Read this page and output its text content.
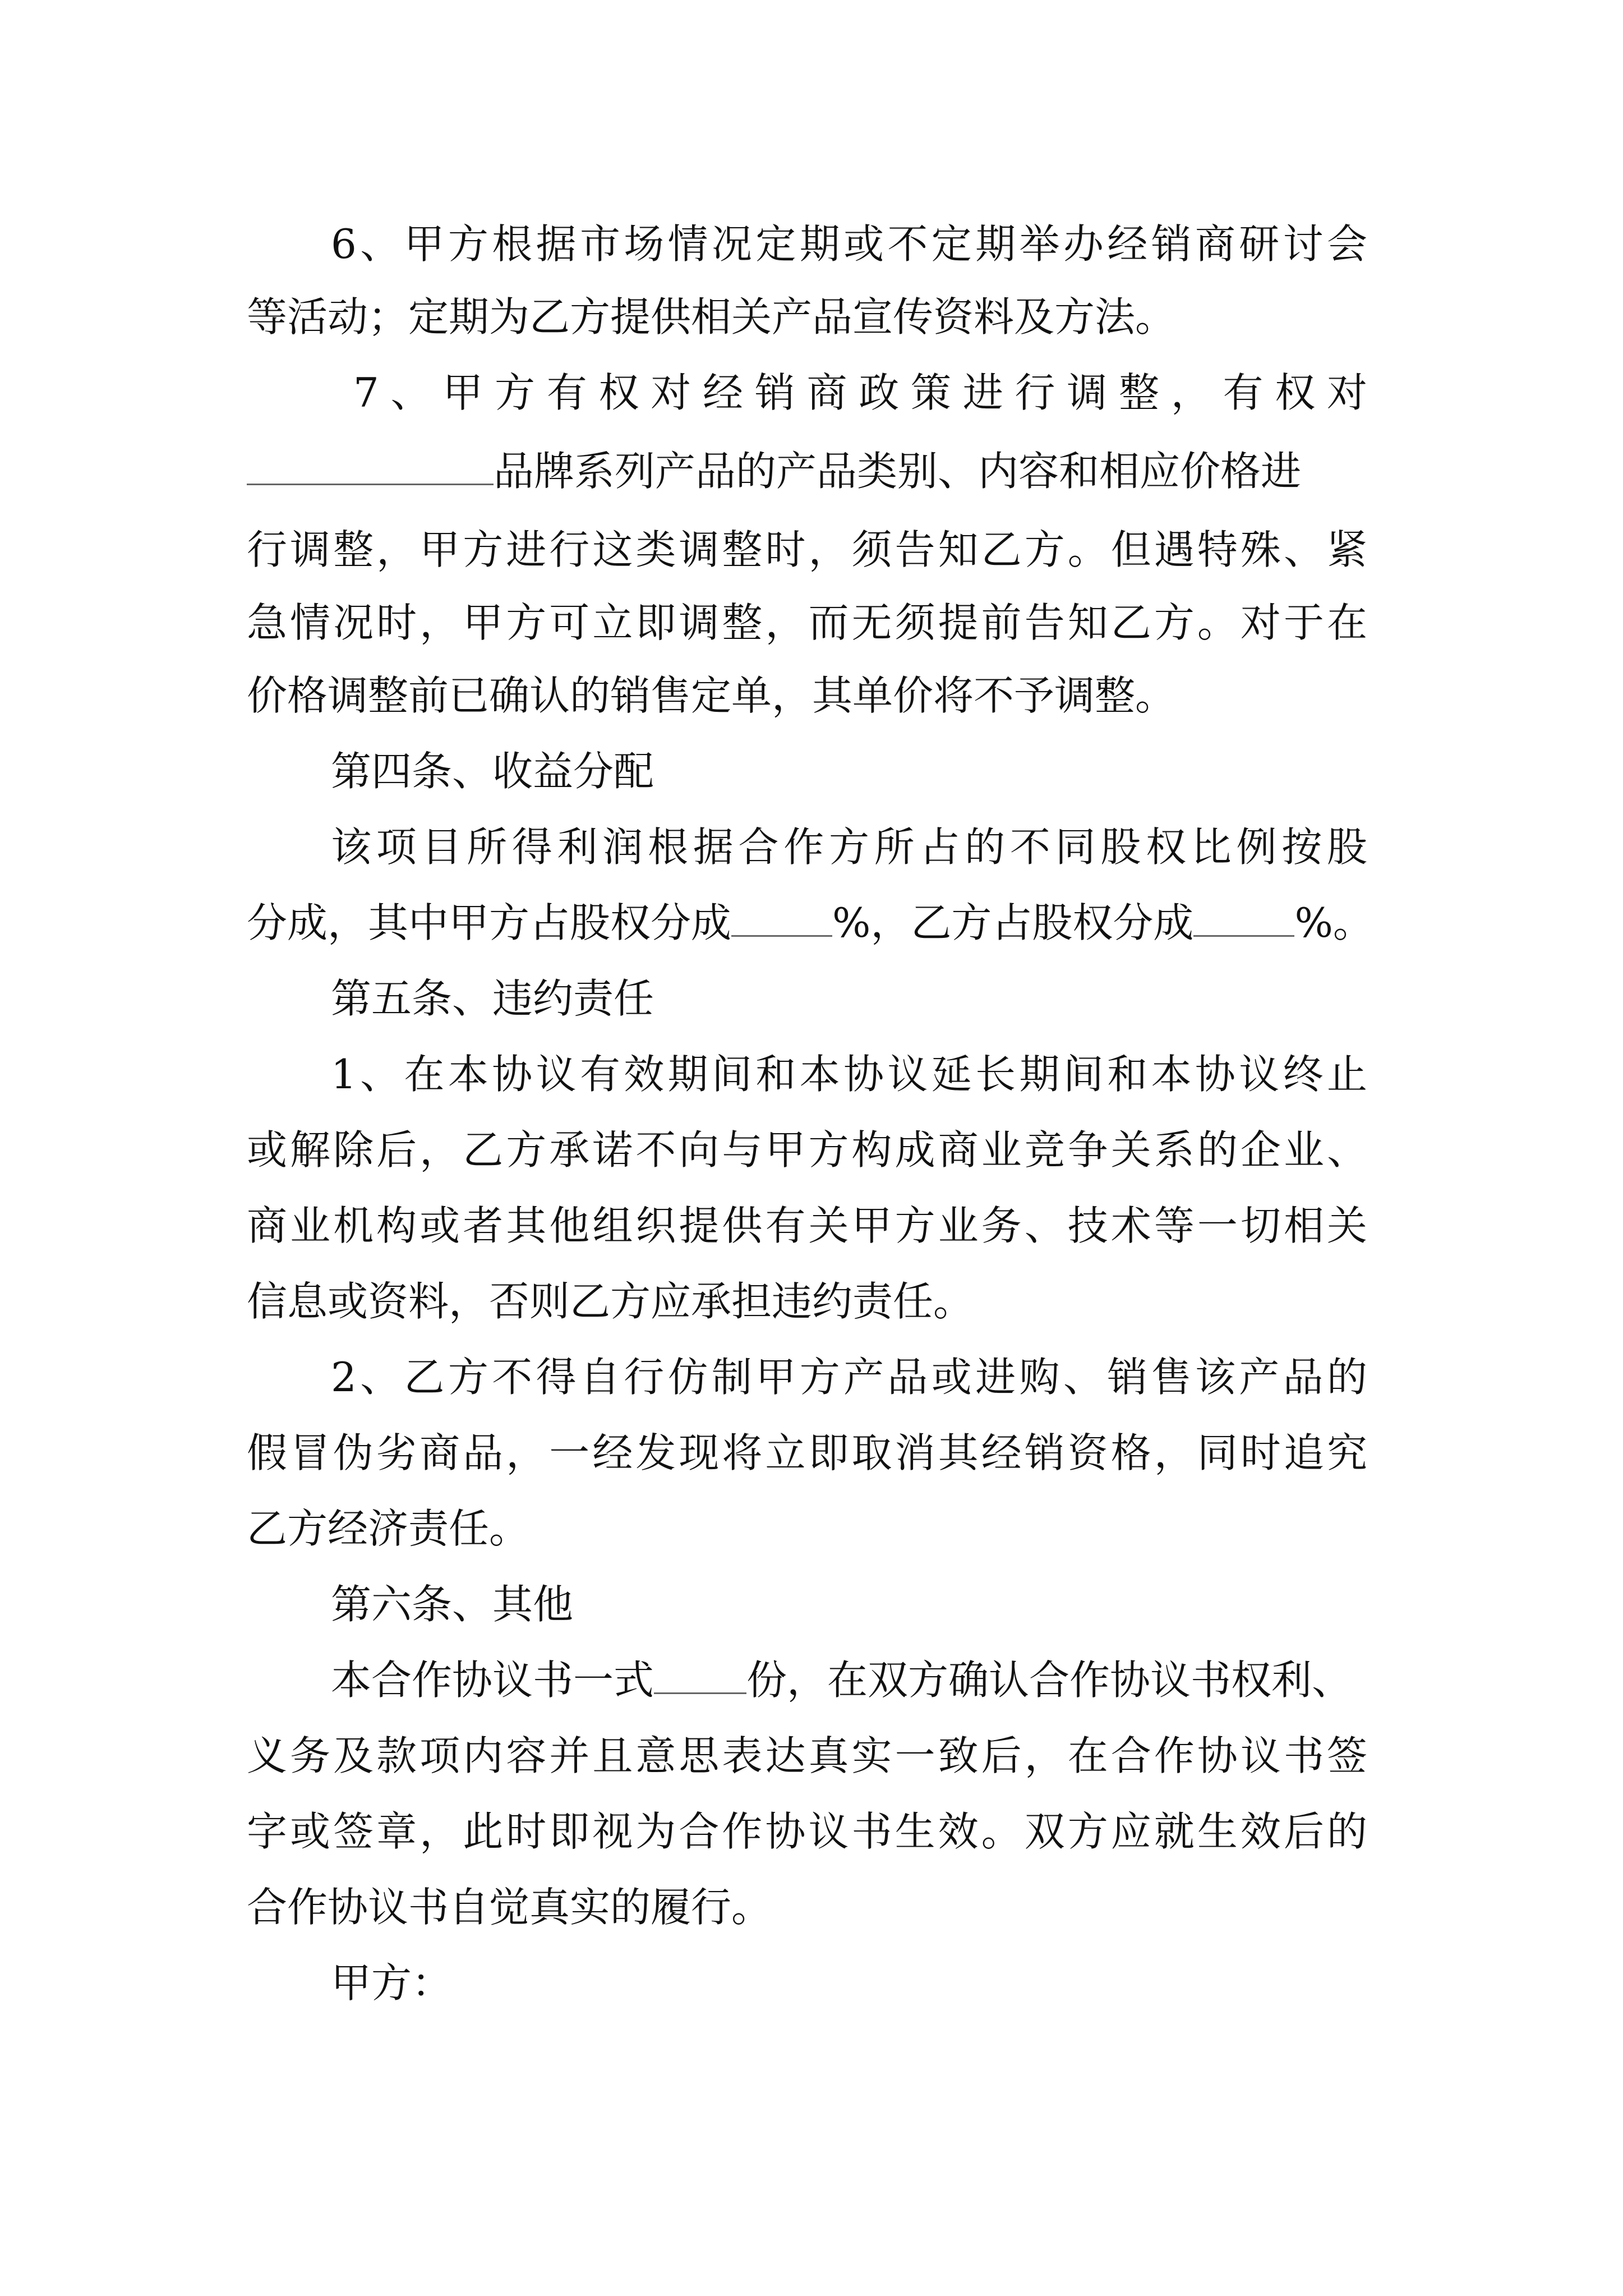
6、甲方根据市场情况定期或不定期举办经销商研讨会

等活动；定期为乙方提供相关产品宣传资料及方法。

7、甲方有权对经销商政策进行调整，有权对

品牌系列产品的产品类别、内容和相应价格进

行调整，甲方进行这类调整时，须告知乙方。但遇特殊、紧

急情况时，甲方可立即调整，而无须提前告知乙方。对于在

价格调整前已确认的销售定单，其单价将不予调整。

第四条、收益分配

该项目所得利润根据合作方所占的不同股权比例按股

分成，其中甲方占股权分成	%，乙方占股权分成	%。

第五条、违约责任

1、在本协议有效期间和本协议延长期间和本协议终止

或解除后，乙方承诺不向与甲方构成商业竞争关系的企业、

商业机构或者其他组织提供有关甲方业务、技术等一切相关

信息或资料，否则乙方应承担违约责任。

2、乙方不得自行仿制甲方产品或进购、销售该产品的

假冒伪劣商品，一经发现将立即取消其经销资格，同时追究

乙方经济责任。

第六条、其他

本合作协议书一式 份，在双方确认合作协议书权利、

义务及款项内容并且意思表达真实一致后，在合作协议书签

字或签章，此时即视为合作协议书生效。双方应就生效后的

合作协议书自觉真实的履行。

甲方：
